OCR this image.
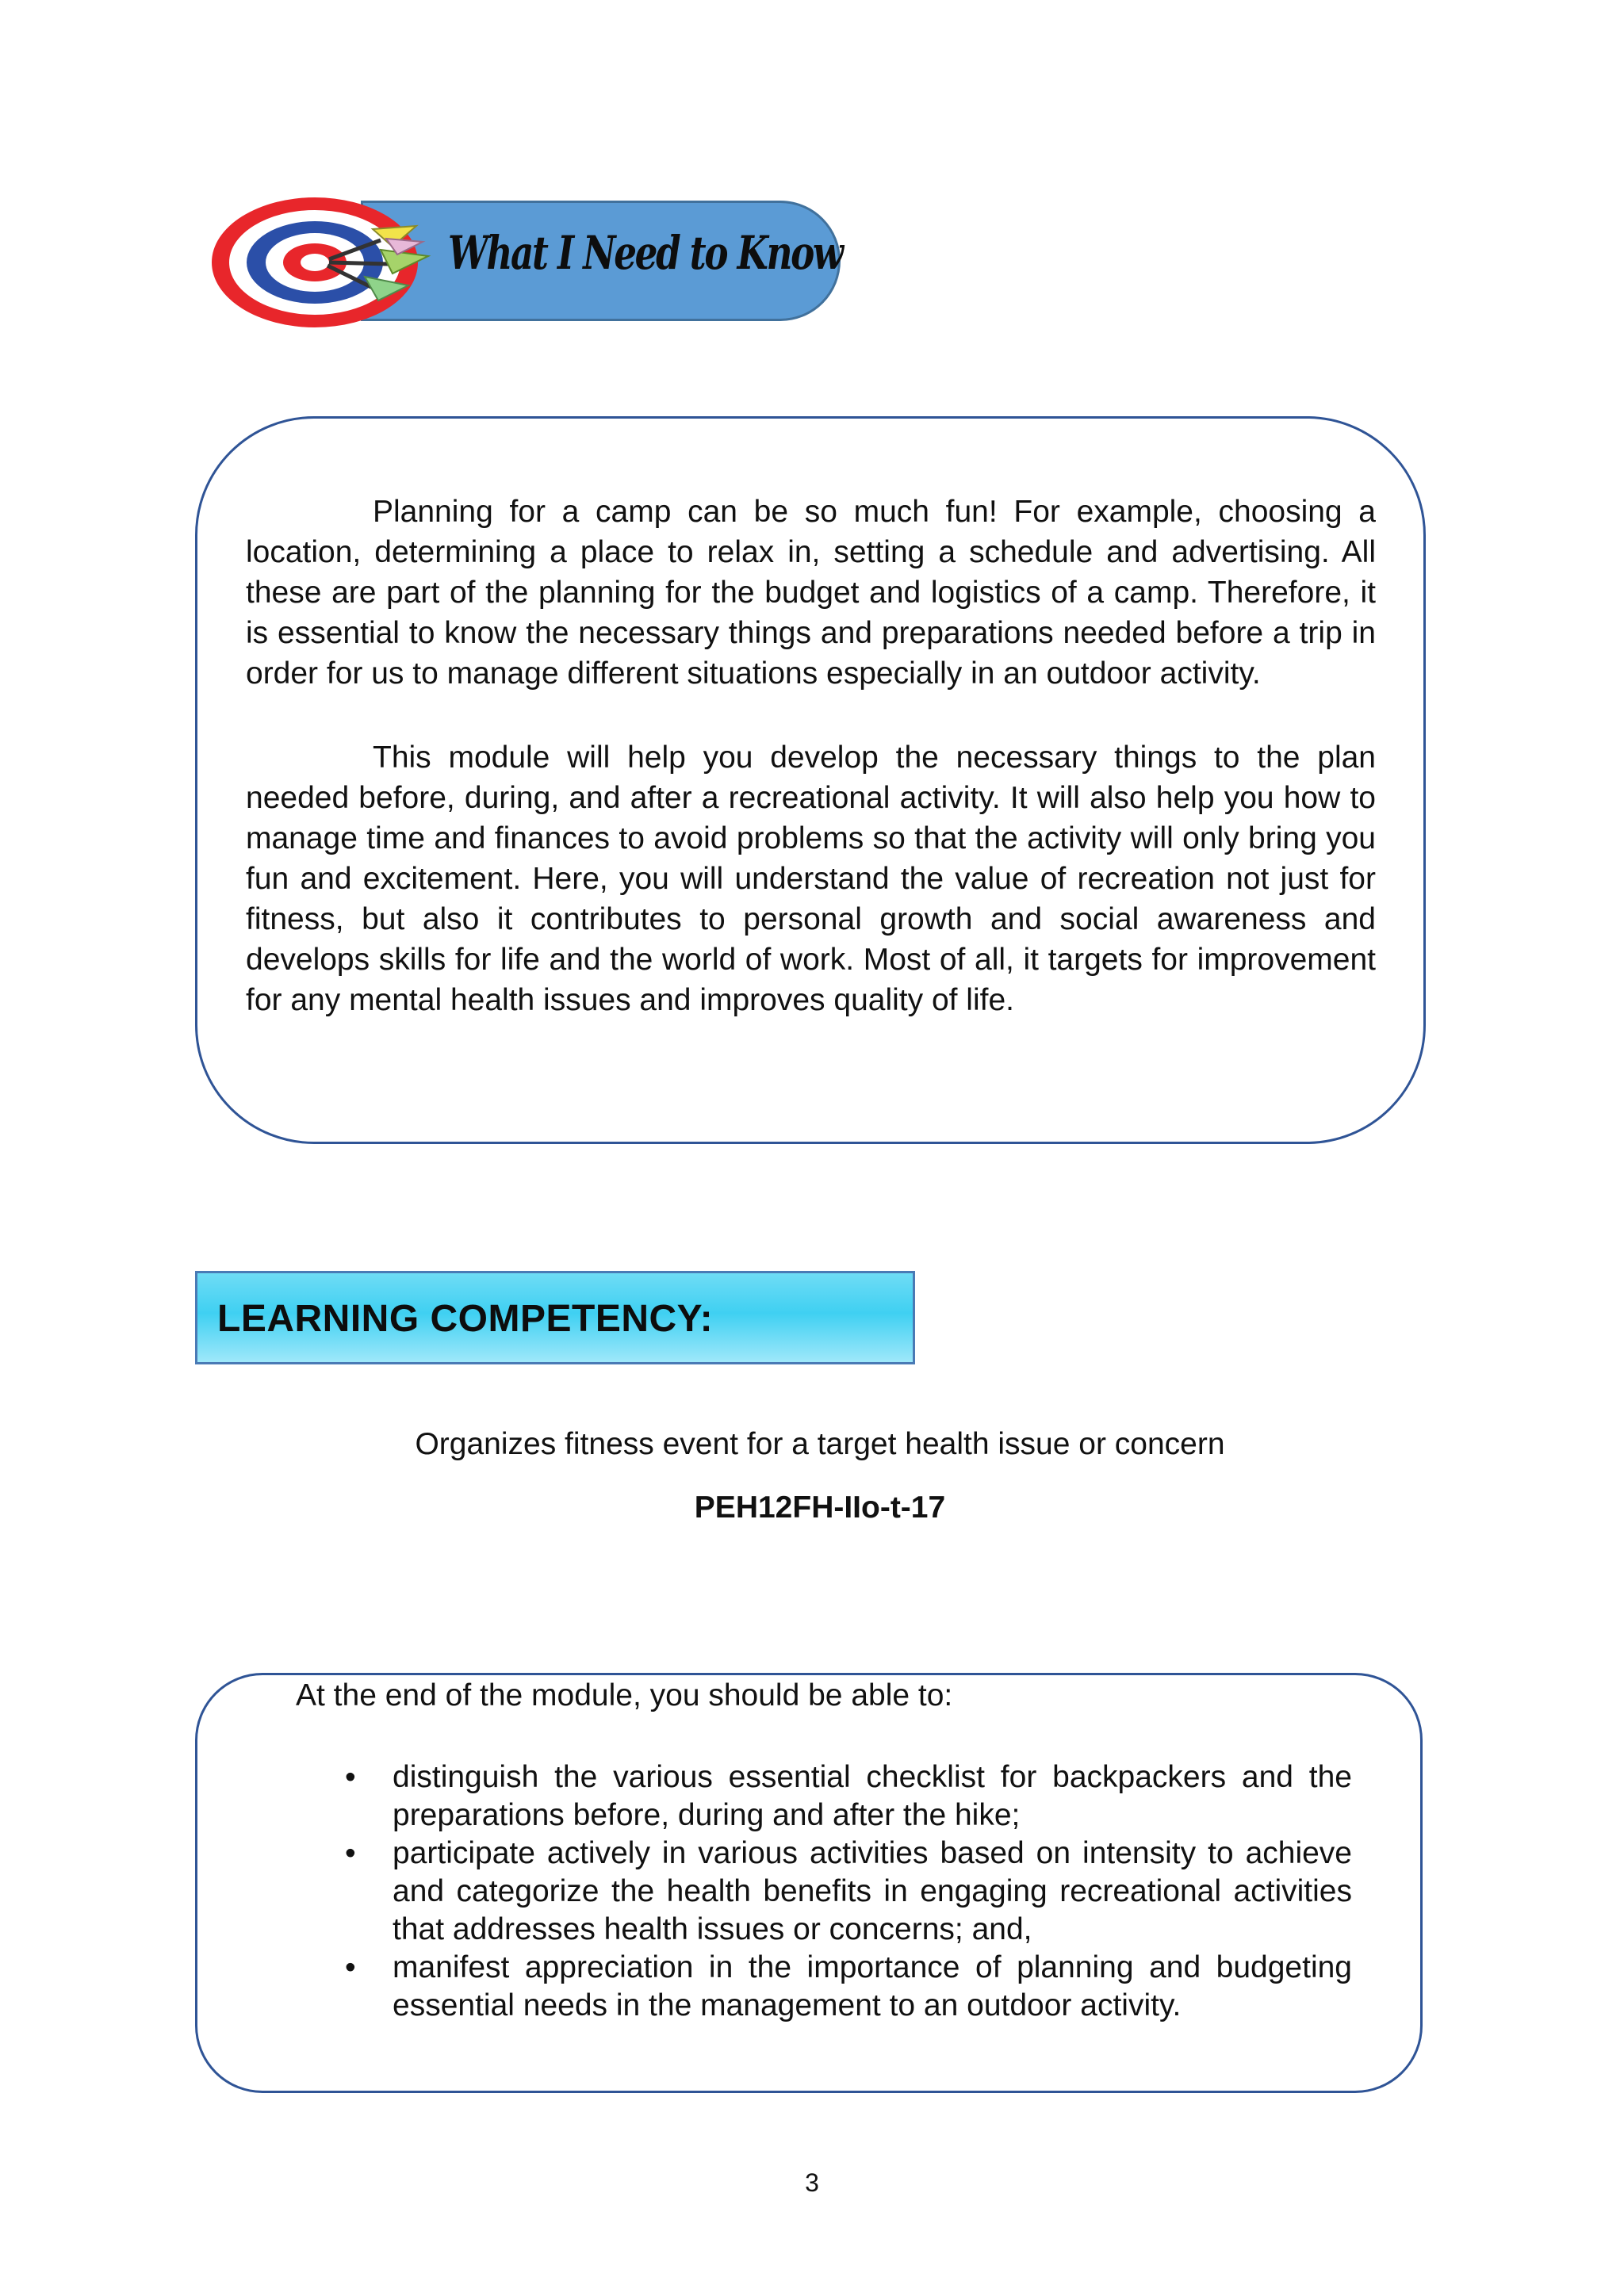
What I Need to Know

Planning for a camp can be so much fun! For example, choosing a location, determining a place to relax in, setting a schedule and advertising. All these are part of the planning for the budget and logistics of a camp. Therefore, it is essential to know the necessary things and preparations needed before a trip in order for us to manage different situations especially in an outdoor activity.

This module will help you develop the necessary things to the plan needed before, during, and after a recreational activity. It will also help you how to manage time and finances to avoid problems so that the activity will only bring you fun and excitement. Here, you will understand the value of recreation not just for fitness, but also it contributes to personal growth and social awareness and develops skills for life and the world of work. Most of all, it targets for improvement for any mental health issues and improves quality of life.

LEARNING COMPETENCY:
Organizes fitness event for a target health issue or concern
PEH12FH-IIo-t-17
At the end of the module, you should be able to:
• distinguish the various essential checklist for backpackers and the preparations before, during and after the hike;
• participate actively in various activities based on intensity to achieve and categorize the health benefits in engaging recreational activities that addresses health issues or concerns; and,
• manifest appreciation in the importance of planning and budgeting essential needs in the management to an outdoor activity.
3
